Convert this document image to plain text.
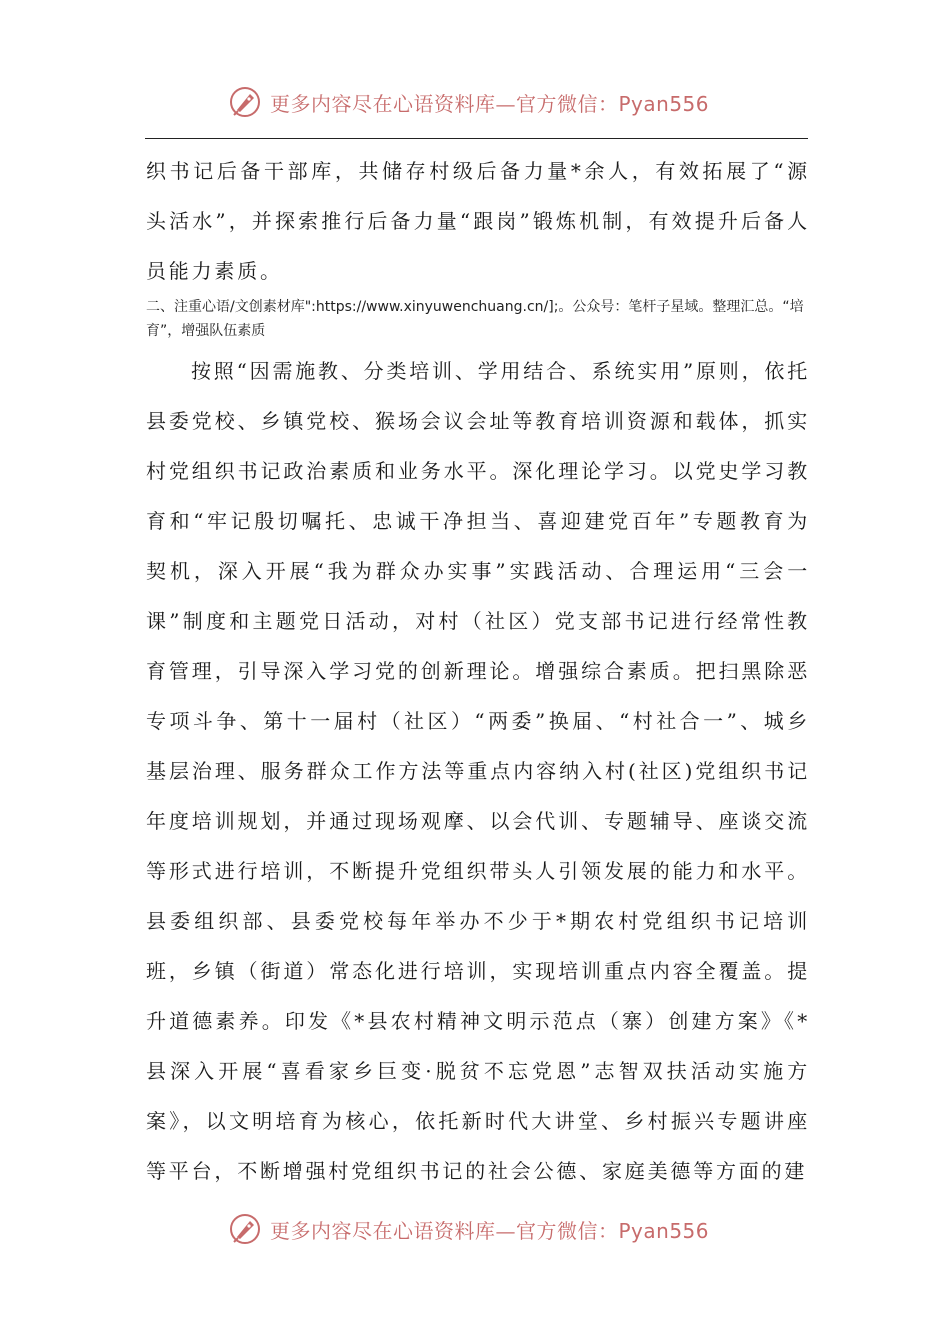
更多内容尽在心语资料库—官方微信：Pyan556
织书记后备干部库，共储存村级后备力量*余人，有效拓展了“源头活水”，并探索推行后备力量“跟岗”锻炼机制，有效提升后备人员能力素质。
二、注重心语/文创素材库":https://www.xinyuwenchuang.cn/];。公众号：笔杆子星域。整理汇总。“培育”，增强队伍素质
按照“因需施教、分类培训、学用结合、系统实用”原则，依托县委党校、乡镇党校、猴场会议会址等教育培训资源和载体，抓实村党组织书记政治素质和业务水平。深化理论学习。以党史学习教育和“牢记殷切嘱托、忠诚干净担当、喜迎建党百年”专题教育为契机，深入开展“我为群众办实事”实践活动、合理运用“三会一课”制度和主题党日活动，对村（社区）党支部书记进行经常性教育管理，引导深入学习党的创新理论。增强综合素质。把扫黑除恶专项斗争、第十一届村（社区）“两委”换届、“村社合一”、城乡基层治理、服务群众工作方法等重点内容纳入村(社区)党组织书记年度培训规划，并通过现场观摩、以会代训、专题辅导、座谈交流等形式进行培训，不断提升党组织带头人引领发展的能力和水平。县委组织部、县委党校每年举办不少于*期农村党组织书记培训班，乡镇（街道）常态化进行培训，实现培训重点内容全覆盖。提升道德素养。印发《*县农村精神文明示范点（寨）创建方案》《*县深入开展“喜看家乡巨变·脱贫不忘党恩”志智双扶活动实施方案》，以文明培育为核心，依托新时代大讲堂、乡村振兴专题讲座等平台，不断增强村党组织书记的社会公德、家庭美德等方面的建
更多内容尽在心语资料库—官方微信：Pyan556
